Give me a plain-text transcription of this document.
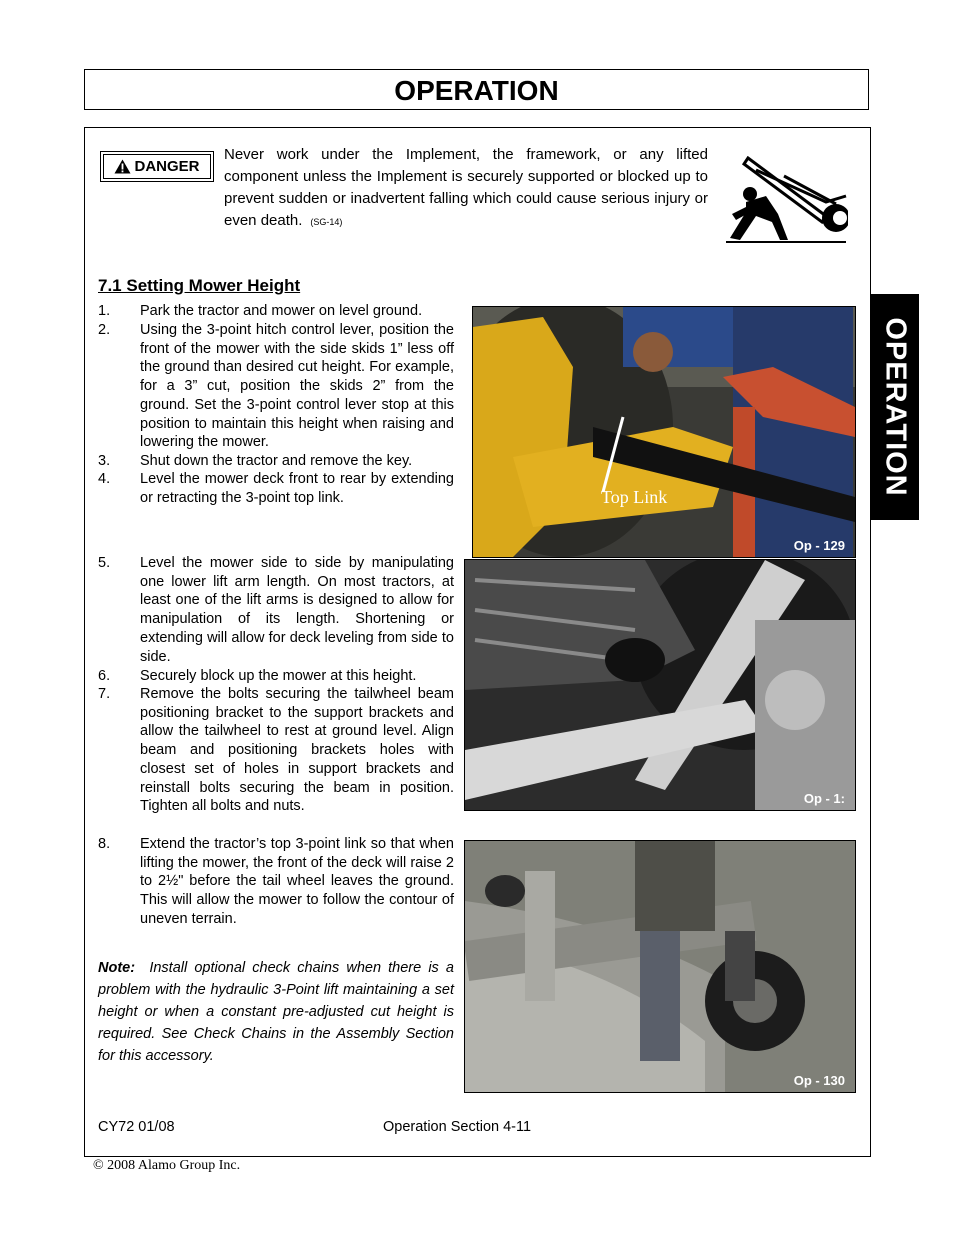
OPERATION
OPERATION
DANGER
Never work under the Implement, the framework, or any lifted component unless the Implement is securely supported or blocked up to prevent sudden or inadvertent falling which could cause serious injury or even death. (SG-14)
7.1 Setting Mower Height
1. Park the tractor and mower on level ground.
2. Using the 3-point hitch control lever, position the front of the mower with the side skids 1” less off the ground than desired cut height. For example, for a 3” cut, position the skids 2” from the ground. Set the 3-point control lever stop at this position to maintain this height when raising and lowering the mower.
3. Shut down the tractor and remove the key.
4. Level the mower deck front to rear by extending or retracting the 3-point top link.
5. Level the mower side to side by manipulating one lower lift arm length. On most tractors, at least one of the lift arms is designed to allow for manipulation of its length. Shortening or extending will allow for deck leveling from side to side.
6. Securely block up the mower at this height.
7. Remove the bolts securing the tailwheel beam positioning bracket to the support brackets and allow the tailwheel to rest at ground level. Align beam and positioning brackets holes with closest set of holes in support brackets and reinstall bolts securing the beam in position. Tighten all bolts and nuts.
8. Extend the tractor’s top 3-point link so that when lifting the mower, the front of the deck will raise 2 to 2½" before the tail wheel leaves the ground. This will allow the mower to follow the contour of uneven terrain.
Note: Install optional check chains when there is a problem with the hydraulic 3-Point lift maintaining a set height or when a constant pre-adjusted cut height is required. See Check Chains in the Assembly Section for this accessory.
Top Link
Op - 129
Op - 1:
Op - 130
CY72 01/08	Operation Section 4-11
© 2008 Alamo Group Inc.
